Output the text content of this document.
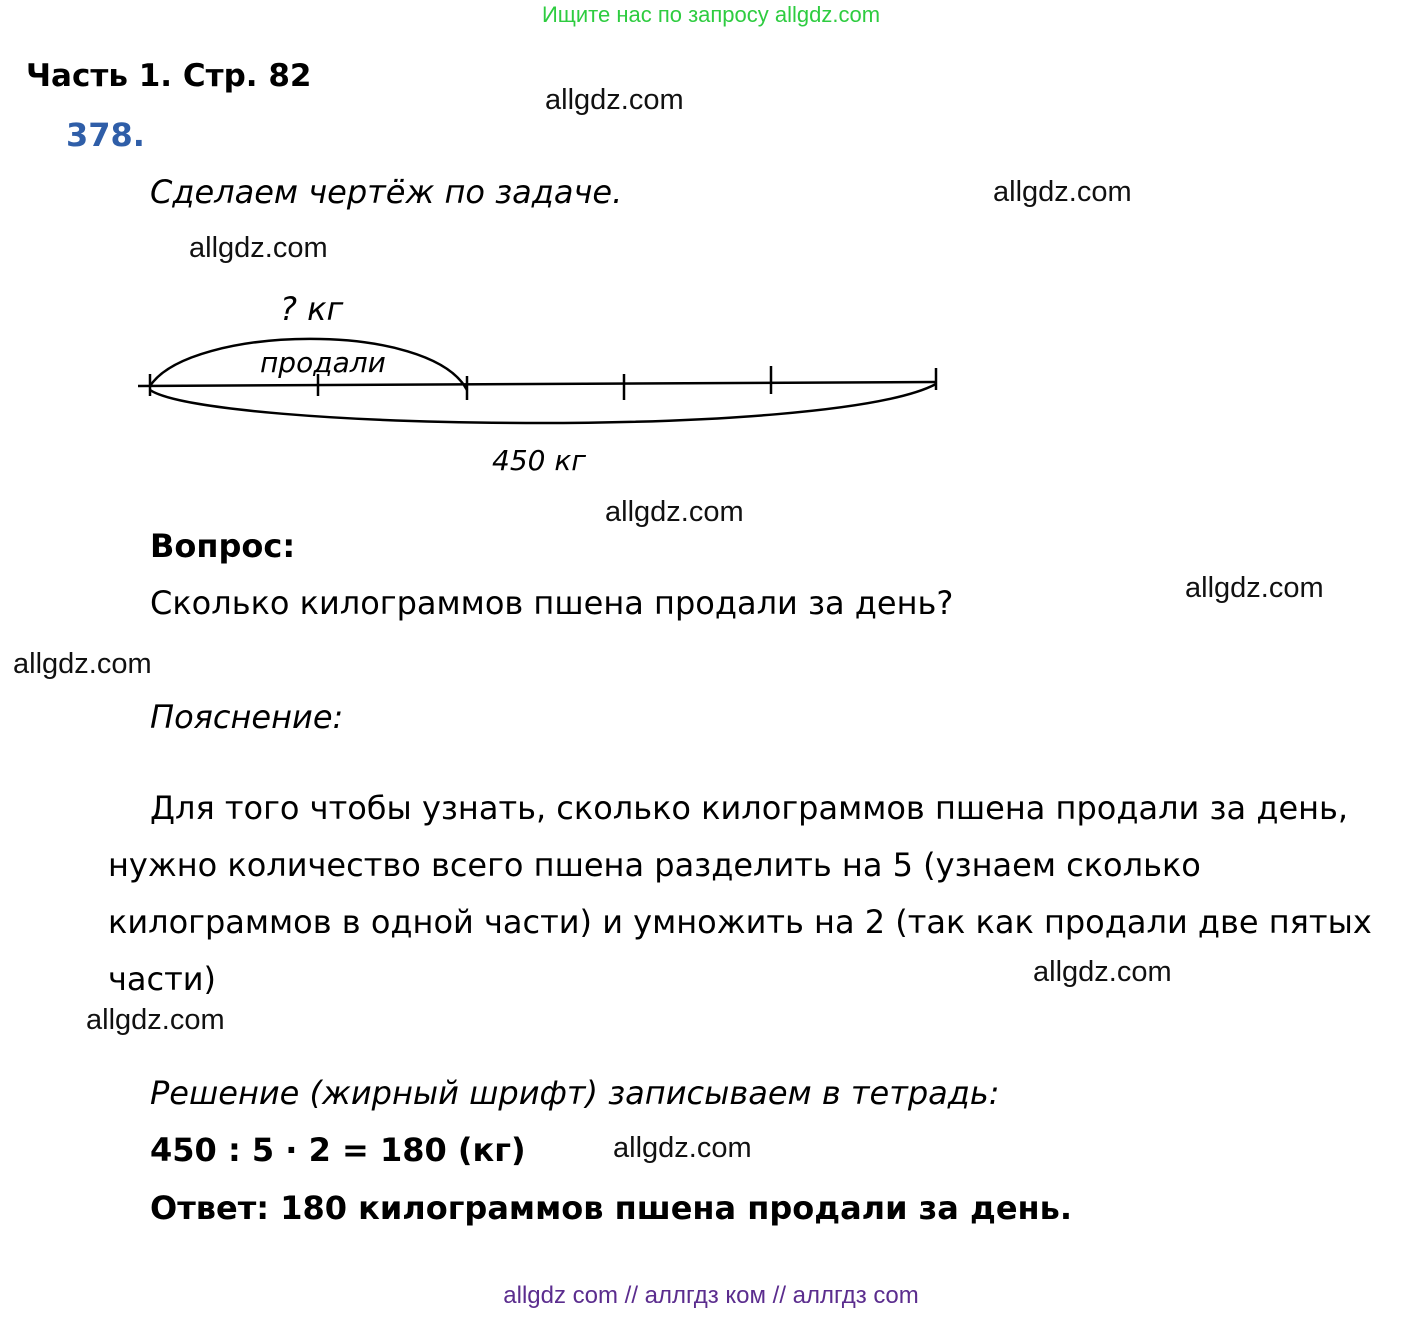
Ищите нас по запросу allgdz.com
Часть 1. Стр. 82
378.
Сделаем чертёж по задаче.
? кг
продали
450 кг
Вопрос:
Сколько килограммов пшена продали за день?
Пояснение:
Для того чтобы узнать, сколько килограммов пшена продали за день, нужно количество всего пшена разделить на 5 (узнаем сколько килограммов в одной части) и умножить на 2 (так как продали две пятых части)
Решение (жирный шрифт) записываем в тетрадь:
450 : 5 · 2 = 180 (кг)
Ответ: 180 килограммов пшена продали за день.
allgdz.com
allgdz.com
allgdz.com
allgdz.com
allgdz.com
allgdz.com
allgdz.com
allgdz.com
allgdz.com
allgdz com // аллгдз ком // аллгдз com
